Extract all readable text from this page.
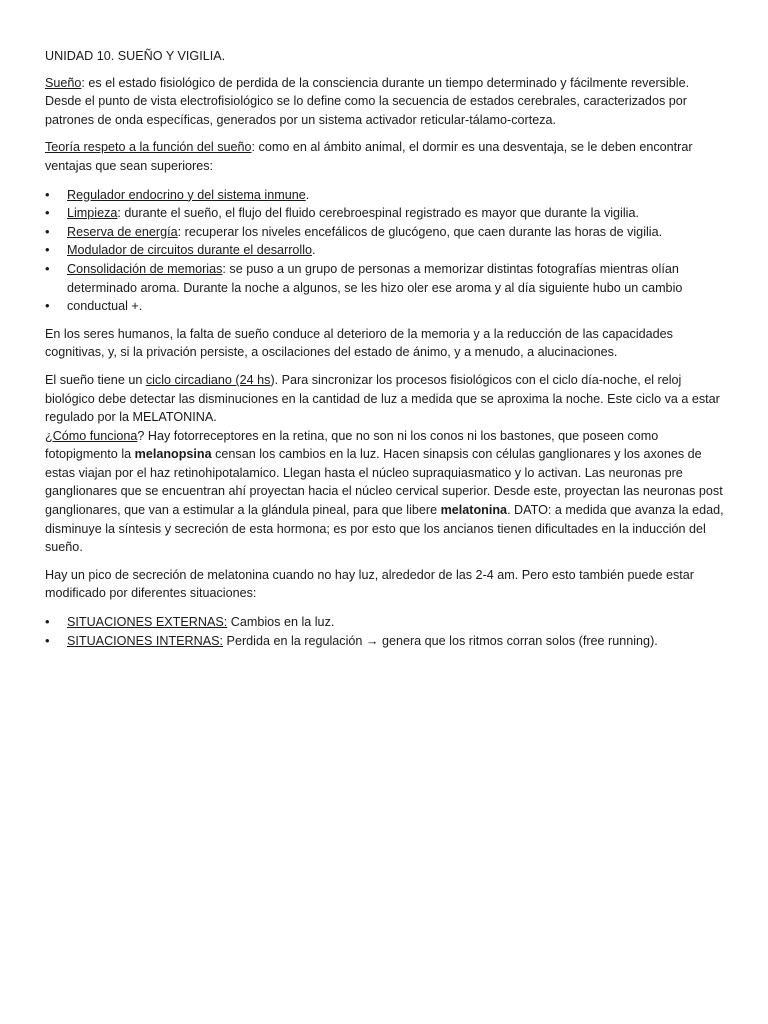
UNIDAD 10. SUEÑO Y VIGILIA.

Sueño: es el estado fisiológico de perdida de la consciencia durante un tiempo determinado y fácilmente reversible. Desde el punto de vista electrofisiológico se lo define como la secuencia de estados cerebrales, caracterizados por patrones de onda específicas, generados por un sistema activador reticular-tálamo-corteza.

Teoría respeto a la función del sueño: como en al ámbito animal, el dormir es una desventaja, se le deben encontrar ventajas que sean superiores:

• Regulador endocrino y del sistema inmune.
• Limpieza: durante el sueño, el flujo del fluido cerebroespinal registrado es mayor que durante la vigilia.
• Reserva de energía: recuperar los niveles encefálicos de glucógeno, que caen durante las horas de vigilia.
• Modulador de circuitos durante el desarrollo.
• Consolidación de memorias: se puso a un grupo de personas a memorizar distintas fotografías mientras olían determinado aroma. Durante la noche a algunos, se les hizo oler ese aroma y al día siguiente hubo un cambio
• conductual +.

En los seres humanos, la falta de sueño conduce al deterioro de la memoria y a la reducción de las capacidades cognitivas, y, si la privación persiste, a oscilaciones del estado de ánimo, y a menudo, a alucinaciones.

El sueño tiene un ciclo circadiano (24 hs). Para sincronizar los procesos fisiológicos con el ciclo día-noche, el reloj biológico debe detectar las disminuciones en la cantidad de luz a medida que se aproxima la noche. Este ciclo va a estar regulado por la MELATONINA.

¿Cómo funciona? Hay fotorreceptores en la retina, que no son ni los conos ni los bastones, que poseen como fotopigmento la melanopsina censan los cambios en la luz. Hacen sinapsis con células ganglionares y los axones de estas viajan por el haz retinohipotalamico. Llegan hasta el núcleo supraquiasmatico y lo activan. Las neuronas pre ganglionares que se encuentran ahí proyectan hacia el núcleo cervical superior. Desde este, proyectan las neuronas post ganglionares, que van a estimular a la glándula pineal, para que libere melatonina. DATO: a medida que avanza la edad, disminuye la síntesis y secreción de esta hormona; es por esto que los ancianos tienen dificultades en la inducción del sueño.

Hay un pico de secreción de melatonina cuando no hay luz, alrededor de las 2-4 am. Pero esto también puede estar modificado por diferentes situaciones:

• SITUACIONES EXTERNAS: Cambios en la luz.
• SITUACIONES INTERNAS: Perdida en la regulación → genera que los ritmos corran solos (free running).
